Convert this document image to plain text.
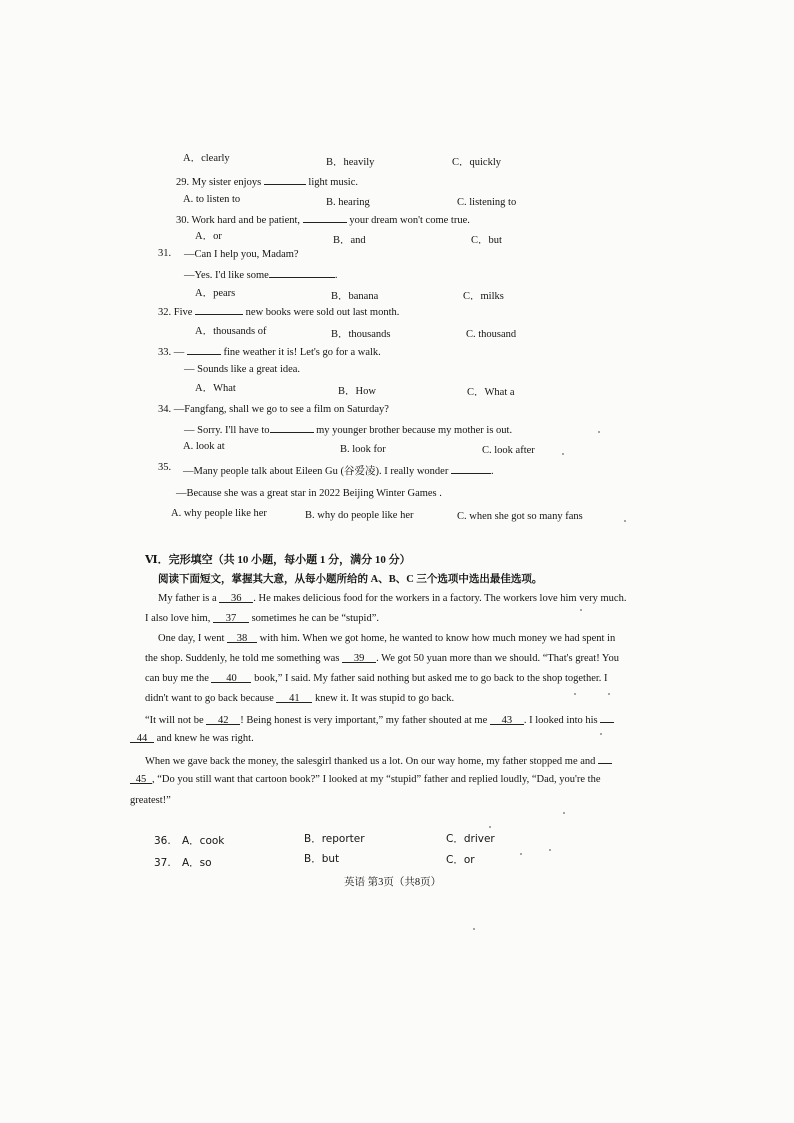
A．clearly	B．heavily	C．quickly
29. My sister enjoys	light music.
A. to listen to	B. hearing	C. listening to
30. Work hard and be patient,	your dream won't come true.
A．or	B．and	C．but
31. —Can I help you, Madam?
—Yes. I'd like some	.
A．pears	B．banana	C．milks
32. Five	new books were sold out last month.
A．thousands of	B．thousands	C. thousand
33. —	fine weather it is! Let's go for a walk.
— Sounds like a great idea.
A．What	B．How	C．What a
34. —Fangfang, shall we go to see a film on Saturday?
— Sorry. I'll have to	my younger brother because my mother is out.
A. look at	B. look for	C. look after
35. —Many people talk about Eileen Gu (谷爱凌). I really wonder	.
—Because she was a great star in 2022 Beijing Winter Games .
A. why people like her	B. why do people like her	C. when she got so many fans
Ⅵ．完形填空（共 10 小题，每小题 1 分，满分 10 分）
阅读下面短文，掌握其大意，从每小题所给的 A、B、C 三个选项中选出最佳选项。
My father is a 36 . He makes delicious food for the workers in a factory. The workers love him very much.
I also love him, 37 sometimes he can be “stupid”.
One day, I went 38 with him. When we got home, he wanted to know how much money we had spent in
the shop. Suddenly, he told me something was 39 . We got 50 yuan more than we should. “That's great! You
can buy me the 40 book,” I said. My father said nothing but asked me to go back to the shop together. I
didn't want to go back because 41 knew it. It was stupid to go back.
“It will not be 42 ! Being honest is very important,” my father shouted at me 43 . I looked into his
44 and knew he was right.
When we gave back the money, the salesgirl thanked us a lot. On our way home, my father stopped me and
45 , “Do you still want that cartoon book?” I looked at my “stupid” father and replied loudly, “Dad, you're the
greatest!”
36. A．cook	B．reporter	C．driver
37. A．so	B．but	C．or
英语 第3页（共8页）
